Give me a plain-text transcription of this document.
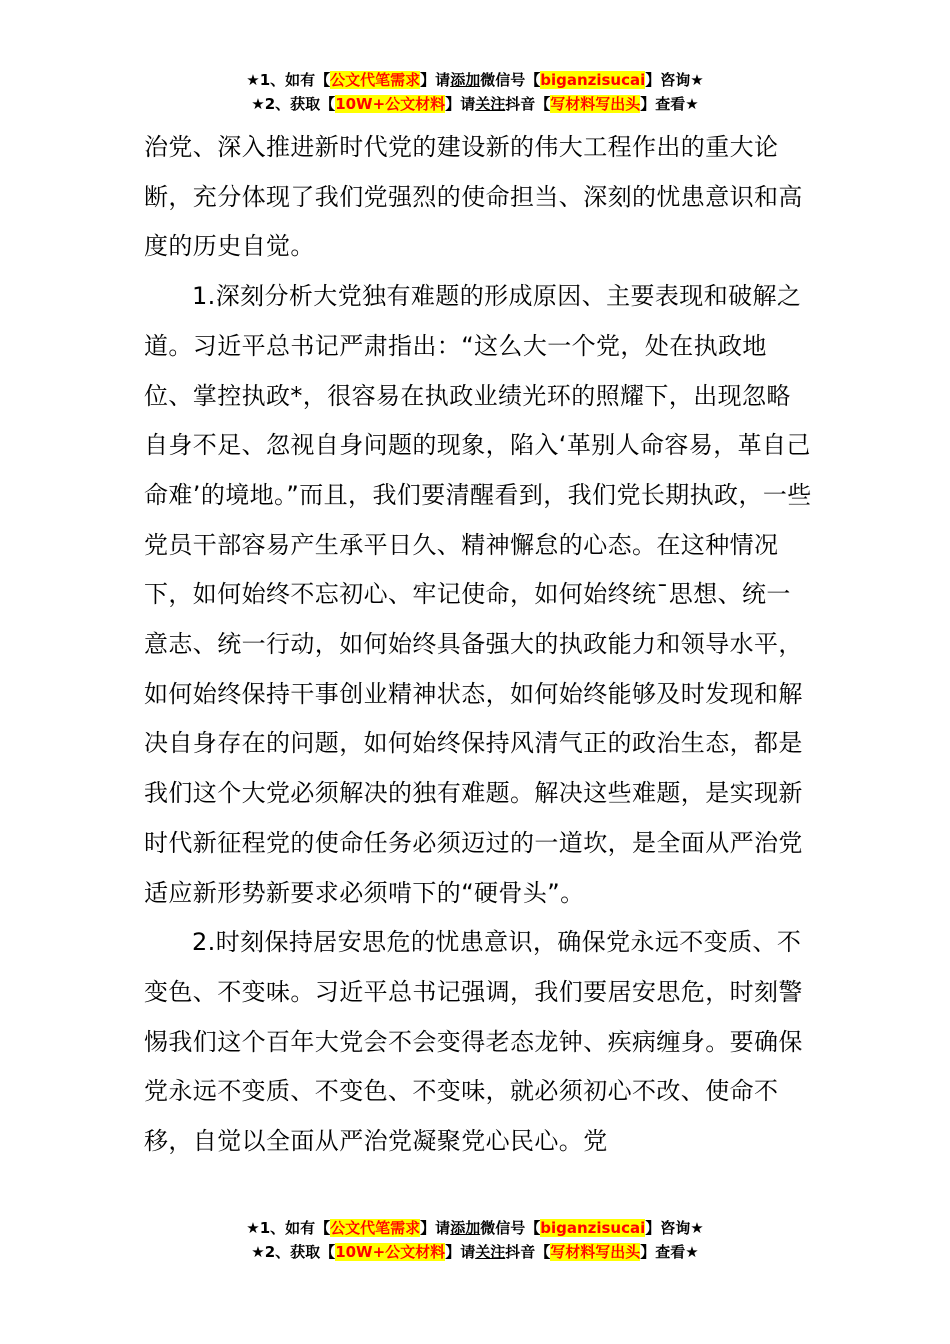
★1、如有【公文代笔需求】请添加微信号【biganzisucai】咨询★
★2、获取【10W+公文材料】请关注抖音【写材料写出头】查看★

治党、深入推进新时代党的建设新的伟大工程作出的重大论断，充分体现了我们党强烈的使命担当、深刻的忧患意识和高度的历史自觉。

1.深刻分析大党独有难题的形成原因、主要表现和破解之道。习近平总书记严肃指出：“这么大一个党，处在执政地位、掌控执政*，很容易在执政业绩光环的照耀下，出现忽略自身不足、忽视自身问题的现象，陷入‘革别人命容易，革自己命难’的境地。”而且，我们要清醒看到，我们党长期执政，一些党员干部容易产生承平日久、精神懈怠的心态。在这种情况下，如何始终不忘初心、牢记使命，如何始终统¯思想、统一意志、统一行动，如何始终具备强大的执政能力和领导水平，如何始终保持干事创业精神状态，如何始终能够及时发现和解决自身存在的问题，如何始终保持风清气正的政治生态，都是我们这个大党必须解决的独有难题。解决这些难题，是实现新时代新征程党的使命任务必须迈过的一道坎，是全面从严治党适应新形势新要求必须啃下的“硬骨头”。

2.时刻保持居安思危的忧患意识，确保党永远不变质、不变色、不变味。习近平总书记强调，我们要居安思危，时刻警惕我们这个百年大党会不会变得老态龙钟、疾病缠身。要确保党永远不变质、不变色、不变味，就必须初心不改、使命不移，自觉以全面从严治党凝聚党心民心。党

★1、如有【公文代笔需求】请添加微信号【biganzisucai】咨询★
★2、获取【10W+公文材料】请关注抖音【写材料写出头】查看★
